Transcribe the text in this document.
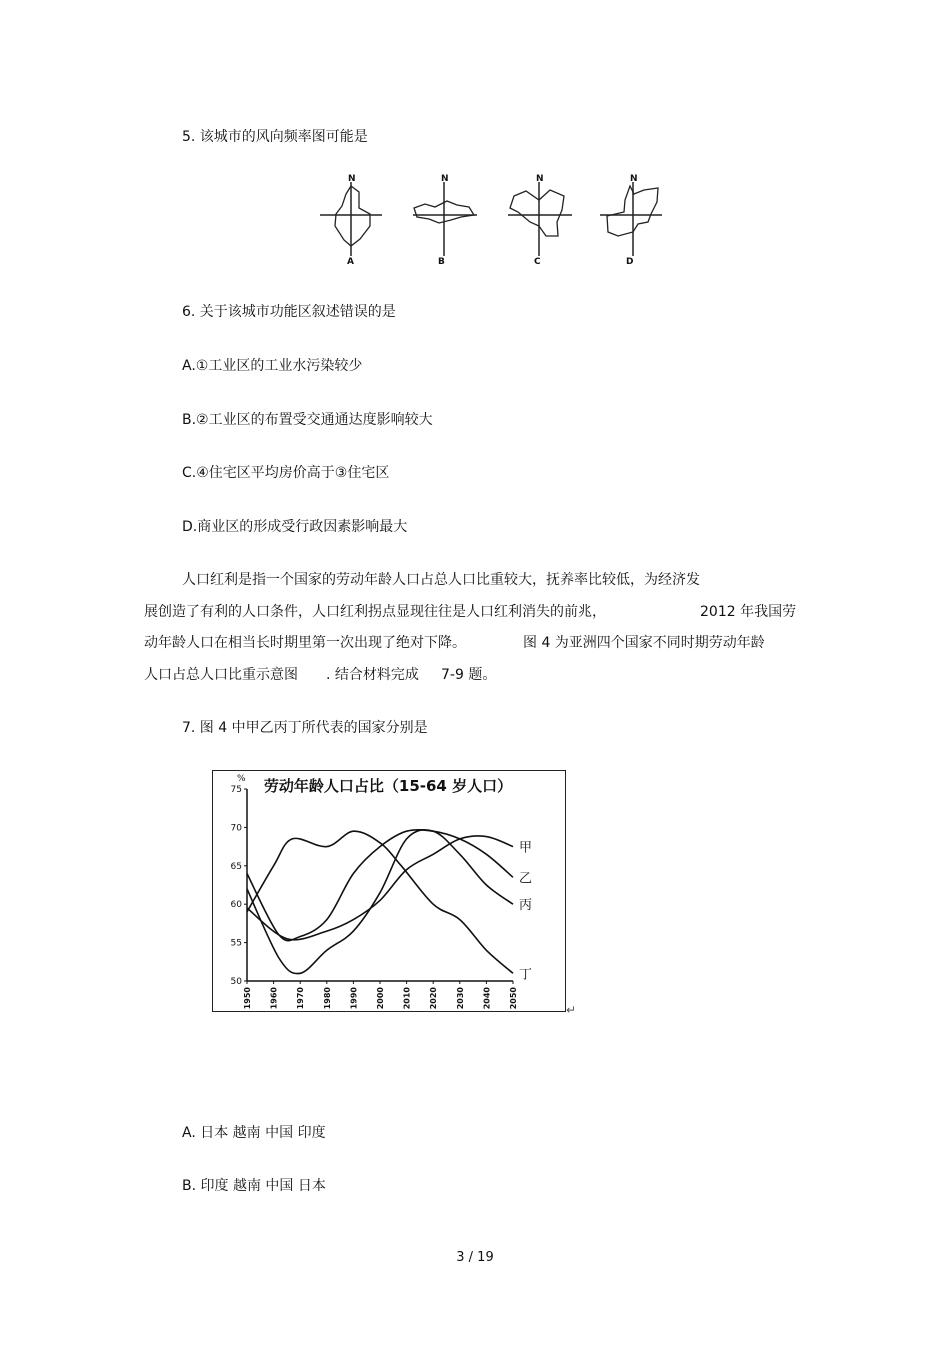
5. 该城市的风向频率图可能是
N
A
N
B
N
C
N
D
6. 关于该城市功能区叙述错误的是
A.①工业区的工业水污染较少
B.②工业区的布置受交通通达度影响较大
C.④住宅区平均房价高于③住宅区
D.商业区的形成受行政因素影响最大
人口红利是指一个国家的劳动年龄人口占总人口比重较大，抚养率比较低，为经济发
展创造了有利的人口条件，人口红利拐点显现往往是人口红利消失的前兆，	2012 年我国劳
动年龄人口在相当长时期里第一次出现了绝对下降。	图 4 为亚洲四个国家不同时期劳动年龄
人口占总人口比重示意图 . 结合材料完成 7-9 题。
7. 图 4 中甲乙丙丁所代表的国家分别是
劳动年龄人口占比（15-64 岁人口）
%
50
55
60
65
70
75
1950 1960 1970 1980 1990 2000 2010 2020 2030 2040 2050
甲
乙
丙
丁
↵
A. 日本 越南 中国 印度
B. 印度 越南 中国 日本
3 / 19
